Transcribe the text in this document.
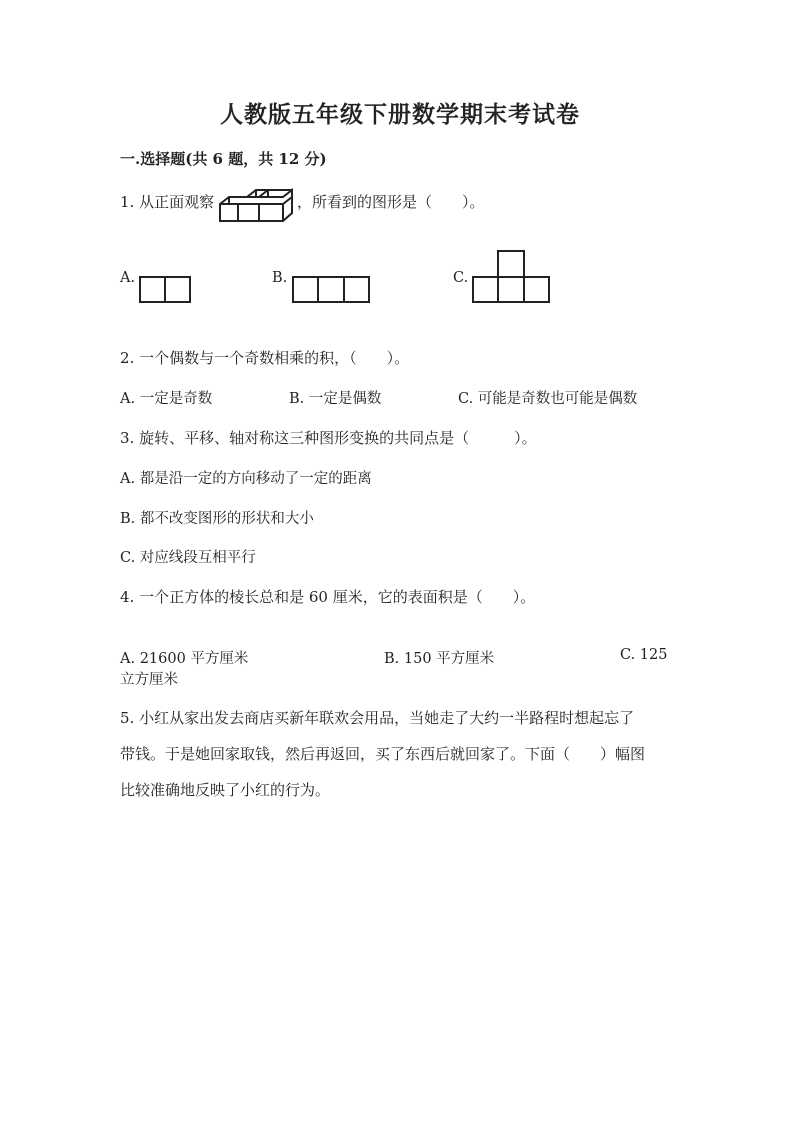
人教版五年级下册数学期末考试卷
一.选择题(共 6 题，共 12 分)
1. 从正面观察	，所看到的图形是（　　）。
A.	B.	C.
2. 一个偶数与一个奇数相乘的积，（　　）。
A. 一定是奇数	B. 一定是偶数	C. 可能是奇数也可能是偶数
3. 旋转、平移、轴对称这三种图形变换的共同点是（　　　）。
A. 都是沿一定的方向移动了一定的距离
B. 都不改变图形的形状和大小
C. 对应线段互相平行
4. 一个正方体的棱长总和是 60 厘米，它的表面积是（　　）。
A. 21600 平方厘米	B. 150 平方厘米	C. 125
立方厘米
5. 小红从家出发去商店买新年联欢会用品，当她走了大约一半路程时想起忘了
带钱。于是她回家取钱，然后再返回，买了东西后就回家了。下面（　　）幅图
比较准确地反映了小红的行为。
